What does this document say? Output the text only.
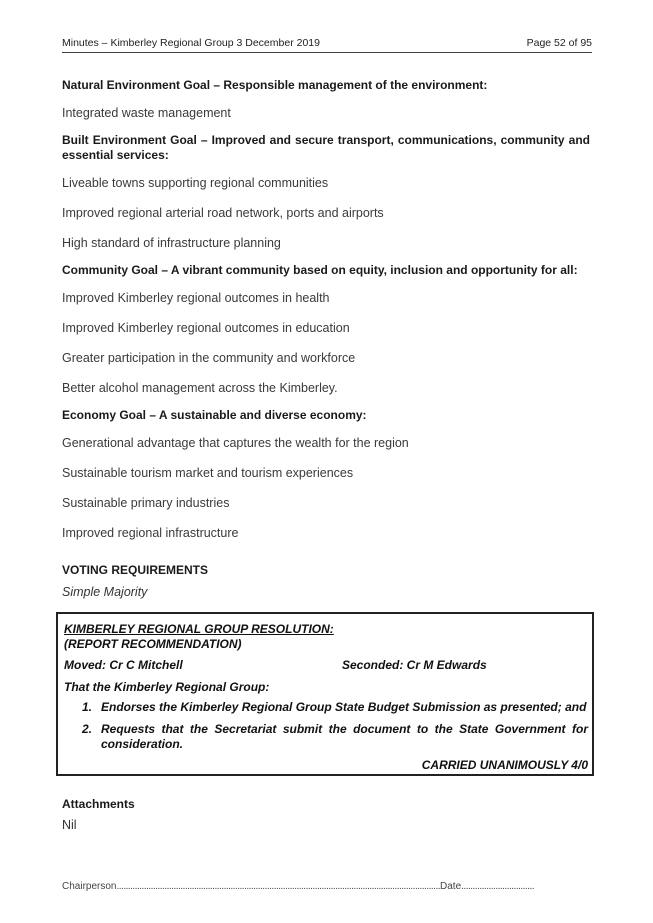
Minutes – Kimberley Regional Group 3 December 2019	Page 52 of 95

Natural Environment Goal – Responsible management of the environment:

Integrated waste management

Built Environment Goal – Improved and secure transport, communications, community and essential services:

Liveable towns supporting regional communities

Improved regional arterial road network, ports and airports

High standard of infrastructure planning

Community Goal – A vibrant community based on equity, inclusion and opportunity for all:

Improved Kimberley regional outcomes in health

Improved Kimberley regional outcomes in education

Greater participation in the community and workforce

Better alcohol management across the Kimberley.

Economy Goal – A sustainable and diverse economy:

Generational advantage that captures the wealth for the region

Sustainable tourism market and tourism experiences

Sustainable primary industries

Improved regional infrastructure

VOTING REQUIREMENTS
Simple Majority
KIMBERLEY REGIONAL GROUP RESOLUTION:
(REPORT RECOMMENDATION)
Moved: Cr C Mitchell	Seconded: Cr M Edwards
That the Kimberley Regional Group:
1. Endorses the Kimberley Regional Group State Budget Submission as presented; and
2. Requests that the Secretariat submit the document to the State Government for consideration.
CARRIED UNANIMOUSLY 4/0
Attachments
Nil
Chairperson..............................................................................................................................................Date................................
